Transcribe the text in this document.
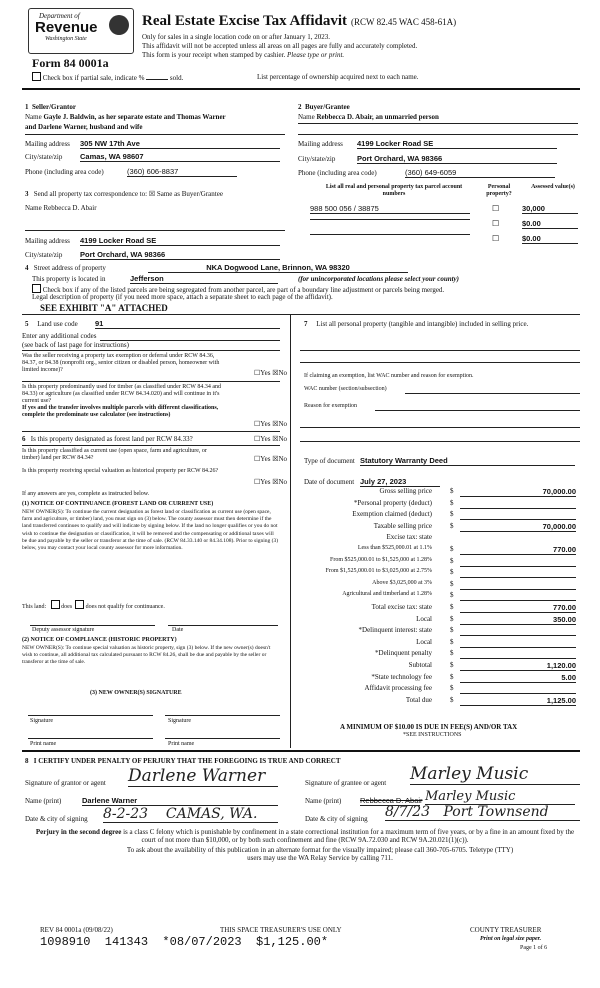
Department of
Revenue
Washington State
Form 84 0001a
Check box if partial sale, indicate %	sold.	List percentage of ownership acquired next to each name.
Real Estate Excise Tax Affidavit (RCW 82.45 WAC 458-61A)
Only for sales in a single location code on or after January 1, 2023.
This affidavit will not be accepted unless all areas on all pages are fully and accurately completed.
This form is your receipt when stamped by cashier. Please type or print.
1 Seller/Grantor
Name Gayle J. Baldwin, as her separate estate and Thomas Warner
and Darlene Warner, husband and wife
Mailing address 305 NW 17th Ave
City/state/zip Camas, WA 98607
Phone (including area code)	(360) 606-8837
2 Buyer/Grantee
Name Rebbecca D. Abair, an unmarried person
Mailing address 4199 Locker Road SE
City/state/zip	Port Orchard, WA 98366
Phone (including area code)	(360) 649-6059
3 Send all property tax correspondence to: ☒ Same as Buyer/Grantee
Name Rebbecca D. Abair
Mailing address 4199 Locker Road SE
City/state/zip Port Orchard, WA 98366
List all real and personal property tax parcel account numbers
Personal property?
Assessed value(s)
988 500 056 / 38875	☐	30,000
☐	$0.00
☐	$0.00
4 Street address of property	NKA Dogwood Lane, Brinnon, WA 98320
This property is located in	Jefferson	(for unincorporated locations please select your county)
Check box if any of the listed parcels are being segregated from another parcel, are part of a boundary line adjustment or parcels being merged.
Legal description of property (if you need more space, attach a separate sheet to each page of the affidavit).
SEE EXHIBIT "A" ATTACHED
5 Land use code 91
Enter any additional codes
(see back of last page for instructions)
Was the seller receiving a property tax exemption or deferral under RCW 84.36, 84.37, or 84.38 (nonprofit org., senior citizen or disabled person, homeowner with limited income)?	☐Yes ☒No
Is this property predominantly used for timber (as classified under RCW 84.34 and 84.33) or agriculture (as classified under RCW 84.34.020) and will continue in it's current use?
If yes and the transfer involves multiple parcels with different classifications, complete the predominate use calculator (see instructions)
☐Yes ☒No
6 Is this property designated as forest land per RCW 84.33?	☐Yes ☒No
Is this property classified as current use (open space, farm and agriculture, or timber) land per RCW 84.34?	☐Yes ☒No
Is this property receiving special valuation as historical property per RCW 84.26?
☐Yes ☒No
If any answers are yes, complete as instructed below.
(1) NOTICE OF CONTINUANCE (FOREST LAND OR CURRENT USE)
NEW OWNER(S): To continue the current designation as forest land or classification as current use (open space, farm and agriculture, or timber) land, you must sign on (3) below. The county assessor must then determine if the land transferred continues to qualify and will indicate by signing below. If the land no longer qualifies or you do not wish to continue the designation or classification, it will be removed and the compensating or additional taxes will be due and payable by the seller or transferor at the time of sale. (RCW 84.33.140 or 84.34.108). Prior to signing (3) below, you may contact your local county assessor for more information.
This land:	does does not qualify for continuance.
Deputy assessor signature	Date
(2) NOTICE OF COMPLIANCE (HISTORIC PROPERTY)
NEW OWNER(S): To continue special valuation as historic property, sign (3) below. If the new owner(s) doesn't wish to continue, all additional tax calculated pursuant to RCW 84.26, shall be due and payable by the seller or transferor at the time of sale.
(3) NEW OWNER(S) SIGNATURE
Signature	Signature
Print name	Print name
7 List all personal property (tangible and intangible) included in selling price.
If claiming an exemption, list WAC number and reason for exemption.
WAC number (section/subsection)
Reason for exemption
Type of document Statutory Warranty Deed
Date of document July 27, 2023
Gross selling price	$	70,000.00
*Personal property (deduct)	$
Exemption claimed (deduct)	$
Taxable selling price	$	70,000.00
Excise tax: state
Less than $525,000.01 at 1.1%	$	770.00
From $525,000.01 to $1,525,000 at 1.28%	$
From $1,525,000.01 to $3,025,000 at 2.75%	$
Above $3,025,000 at 3%	$
Agricultural and timberland at 1.28%	$
Total excise tax: state	$	770.00
Local	$	350.00
*Delinquent interest: state	$
Local	$
*Delinquent penalty	$
Subtotal	$	1,120.00
*State technology fee	$	5.00
Affidavit processing fee	$
Total due	$	1,125.00
A MINIMUM OF $10.00 IS DUE IN FEE(S) AND/OR TAX
*SEE INSTRUCTIONS
8 I CERTIFY UNDER PENALTY OF PERJURY THAT THE FOREGOING IS TRUE AND CORRECT
Signature of grantor or agent Darlene Warner	Signature of grantee or agent Marley Music
Name (print)	Darlene Warner	Name (print) Rebbecca D. Abair Marley Music
Date & city of signing 8-2-23 CAMAS, WA.	Date & city of signing 8/7/23 Port Townsend
Perjury in the second degree is a class C felony which is punishable by confinement in a state correctional institution for a maximum term of five years, or by a fine in an amount fixed by the court of not more than $10,000, or by both such confinement and fine (RCW 9A.72.030 and RCW 9A.20.021(1)(c)).
To ask about the availability of this publication in an alternate format for the visually impaired; please call 360-705-6705. Teletype (TTY) users may use the WA Relay Service by calling 711.
REV 84 0001a (09/08/22)	THIS SPACE TREASURER'S USE ONLY	COUNTY TREASURER
1098910  141343  *08/07/2023  $1,125.00*	Print on legal size paper.
Page 1 of 6
